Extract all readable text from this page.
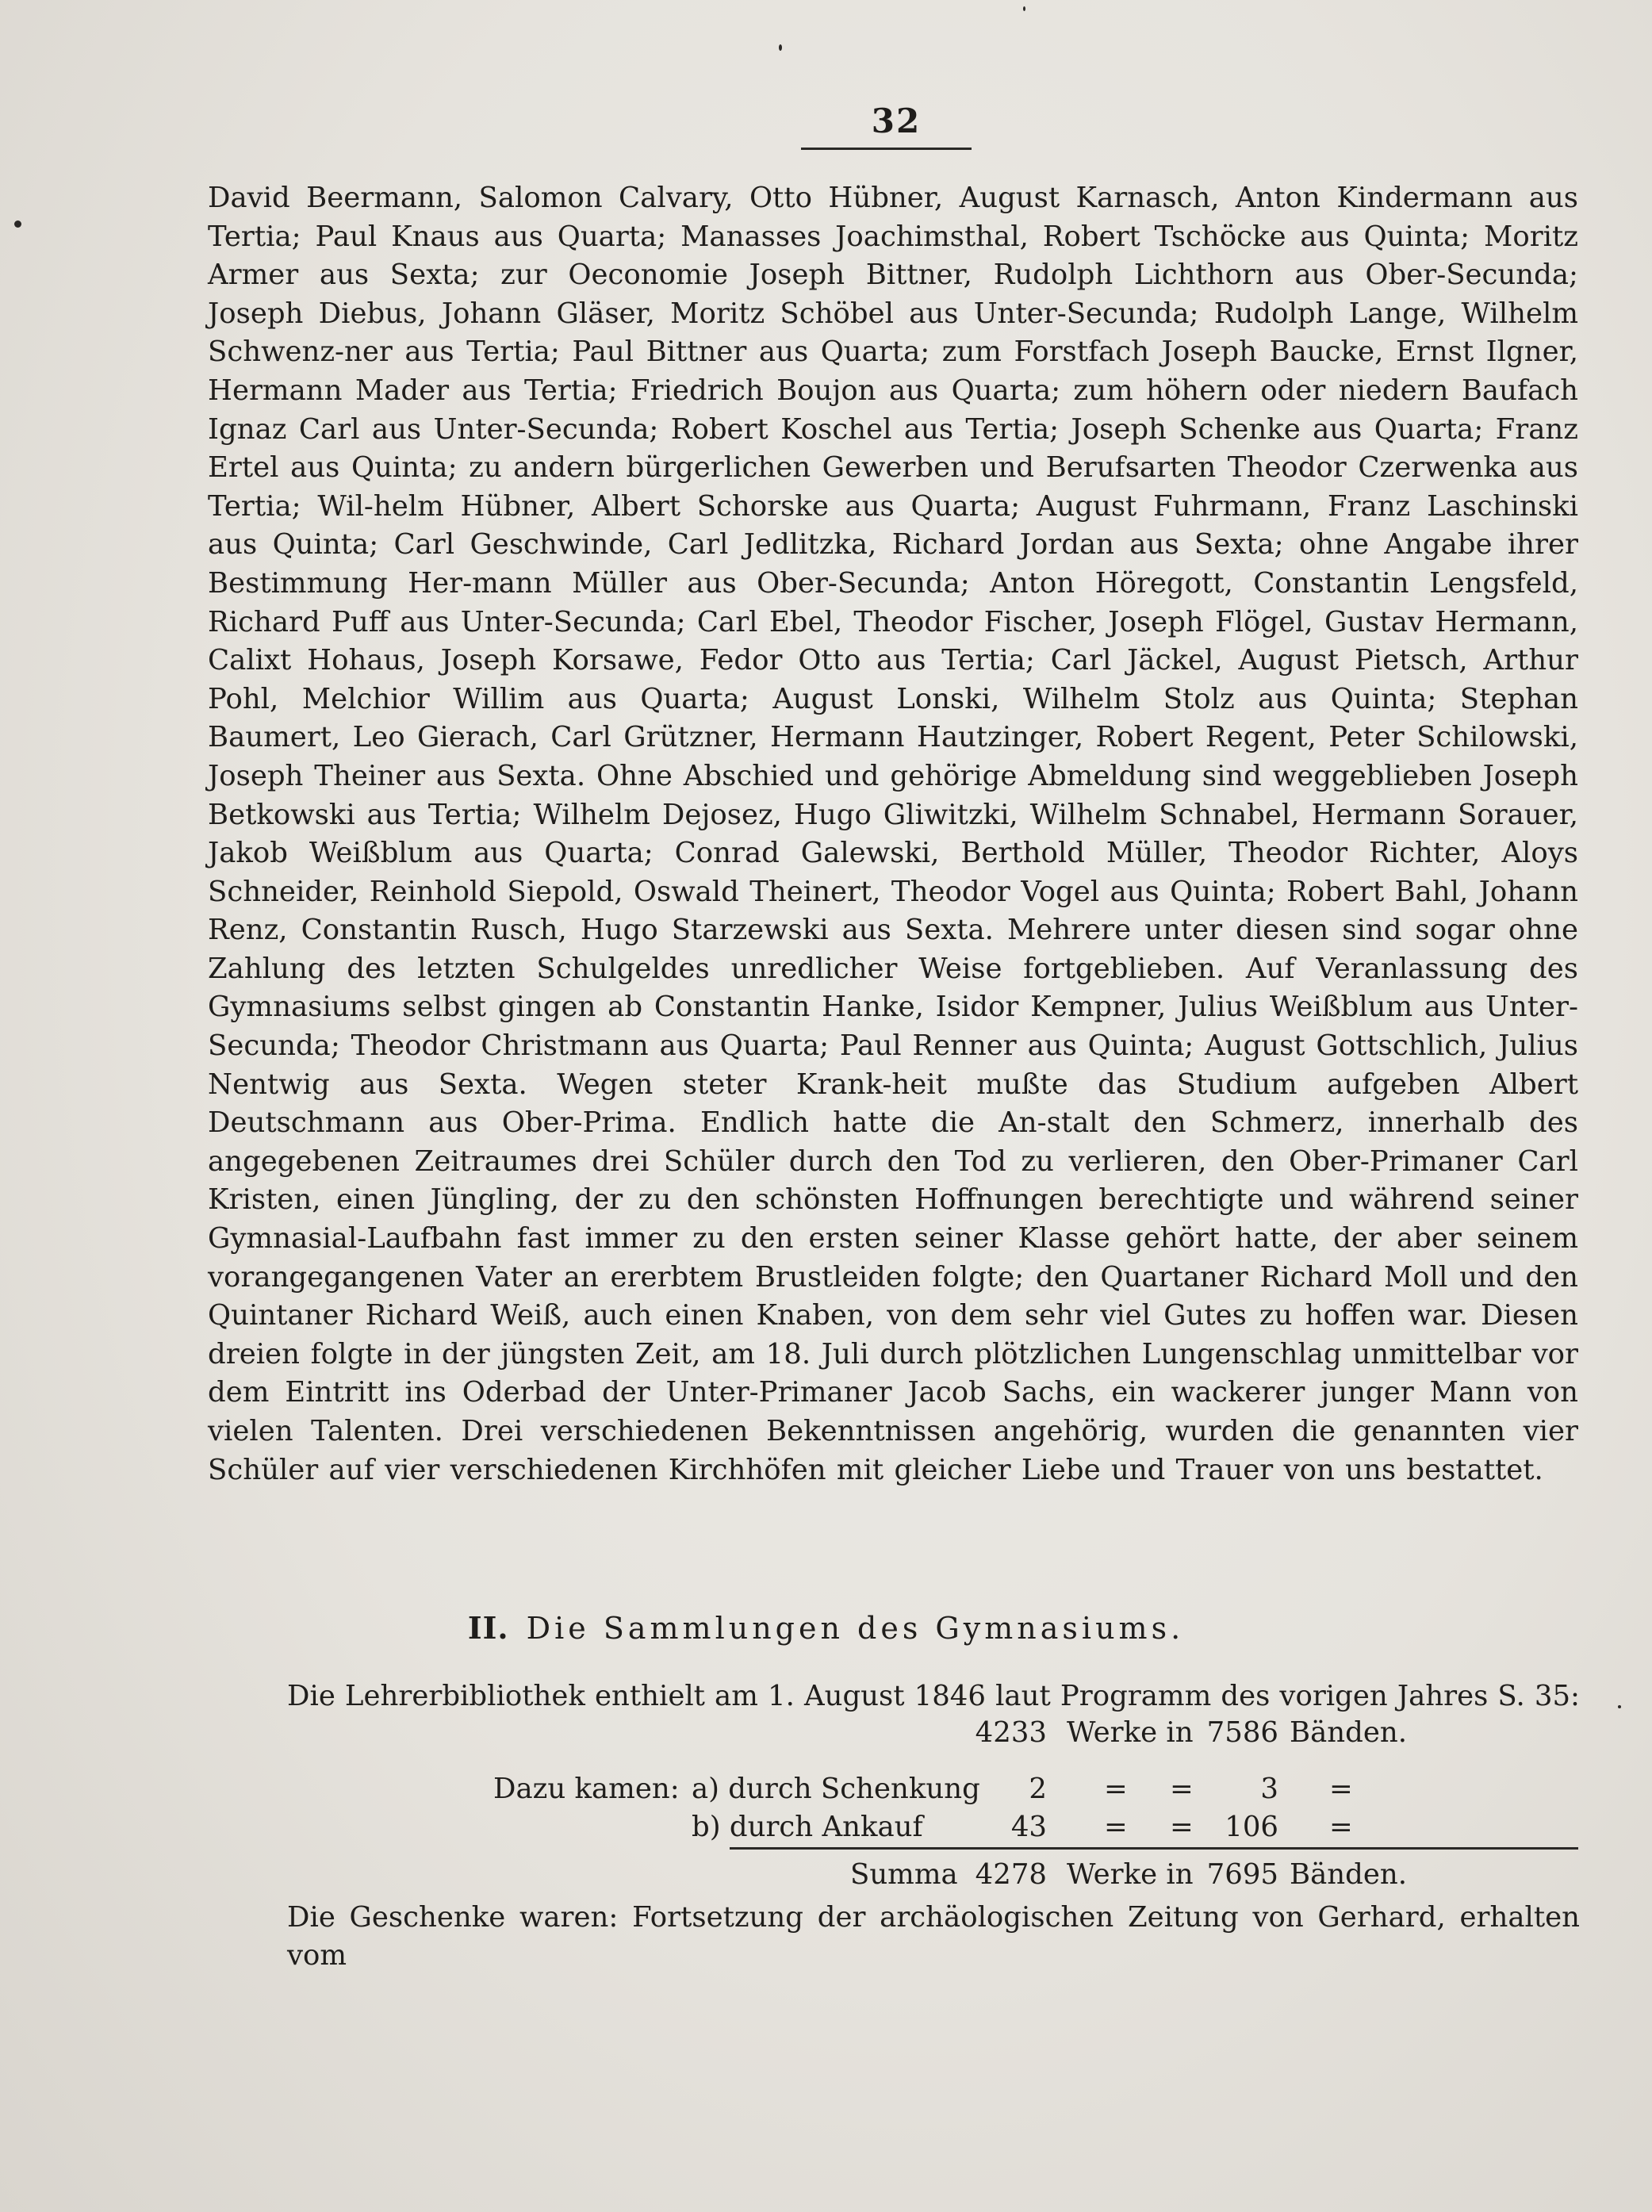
32
David Beermann, Salomon Calvary, Otto Hübner, August Karnasch, Anton Kindermann aus Tertia; Paul Knaus aus Quarta; Manasses Joachimsthal, Robert Tschöcke aus Quinta; Moritz Armer aus Sexta; zur Oeconomie Joseph Bittner, Rudolph Lichthorn aus Ober-Secunda; Joseph Diebus, Johann Gläser, Moritz Schöbel aus Unter-Secunda; Rudolph Lange, Wilhelm Schwenz-ner aus Tertia; Paul Bittner aus Quarta; zum Forstfach Joseph Baucke, Ernst Ilgner, Hermann Mader aus Tertia; Friedrich Boujon aus Quarta; zum höhern oder niedern Baufach Ignaz Carl aus Unter-Secunda; Robert Koschel aus Tertia; Joseph Schenke aus Quarta; Franz Ertel aus Quinta; zu andern bürgerlichen Gewerben und Berufsarten Theodor Czerwenka aus Tertia; Wil-helm Hübner, Albert Schorske aus Quarta; August Fuhrmann, Franz Laschinski aus Quinta; Carl Geschwinde, Carl Jedlitzka, Richard Jordan aus Sexta; ohne Angabe ihrer Bestimmung Her-mann Müller aus Ober-Secunda; Anton Höregott, Constantin Lengsfeld, Richard Puff aus Unter-Secunda; Carl Ebel, Theodor Fischer, Joseph Flögel, Gustav Hermann, Calixt Hohaus, Joseph Korsawe, Fedor Otto aus Tertia; Carl Jäckel, August Pietsch, Arthur Pohl, Melchior Willim aus Quarta; August Lonski, Wilhelm Stolz aus Quinta; Stephan Baumert, Leo Gierach, Carl Grützner, Hermann Hautzinger, Robert Regent, Peter Schilowski, Joseph Theiner aus Sexta. Ohne Abschied und gehörige Abmeldung sind weggeblieben Joseph Betkowski aus Tertia; Wilhelm Dejosez, Hugo Gliwitzki, Wilhelm Schnabel, Hermann Sorauer, Jakob Weißblum aus Quarta; Conrad Galewski, Berthold Müller, Theodor Richter, Aloys Schneider, Reinhold Siepold, Oswald Theinert, Theodor Vogel aus Quinta; Robert Bahl, Johann Renz, Constantin Rusch, Hugo Starzewski aus Sexta. Mehrere unter diesen sind sogar ohne Zahlung des letzten Schulgeldes unredlicher Weise fortgeblieben. Auf Veranlassung des Gymnasiums selbst gingen ab Constantin Hanke, Isidor Kempner, Julius Weißblum aus Unter-Secunda; Theodor Christmann aus Quarta; Paul Renner aus Quinta; August Gottschlich, Julius Nentwig aus Sexta. Wegen steter Krank-heit mußte das Studium aufgeben Albert Deutschmann aus Ober-Prima. Endlich hatte die An-stalt den Schmerz, innerhalb des angegebenen Zeitraumes drei Schüler durch den Tod zu verlieren, den Ober-Primaner Carl Kristen, einen Jüngling, der zu den schönsten Hoffnungen berechtigte und während seiner Gymnasial-Laufbahn fast immer zu den ersten seiner Klasse gehört hatte, der aber seinem vorangegangenen Vater an ererbtem Brustleiden folgte; den Quartaner Richard Moll und den Quintaner Richard Weiß, auch einen Knaben, von dem sehr viel Gutes zu hoffen war. Diesen dreien folgte in der jüngsten Zeit, am 18. Juli durch plötzlichen Lungenschlag unmittelbar vor dem Eintritt ins Oderbad der Unter-Primaner Jacob Sachs, ein wackerer junger Mann von vielen Talenten. Drei verschiedenen Bekenntnissen angehörig, wurden die genannten vier Schüler auf vier verschiedenen Kirchhöfen mit gleicher Liebe und Trauer von uns bestattet.
II. Die Sammlungen des Gymnasiums.
Die Lehrerbibliothek enthielt am 1. August 1846 laut Programm des vorigen Jahres S. 35:
4233 Werke in 7586 Bänden.
Dazu kamen: a) durch Schenkung	2 = =	3 =
b) durch Ankauf	43 = =	106 =
Summa 4278 Werke in 7695 Bänden.
Die Geschenke waren: Fortsetzung der archäologischen Zeitung von Gerhard, erhalten vom
